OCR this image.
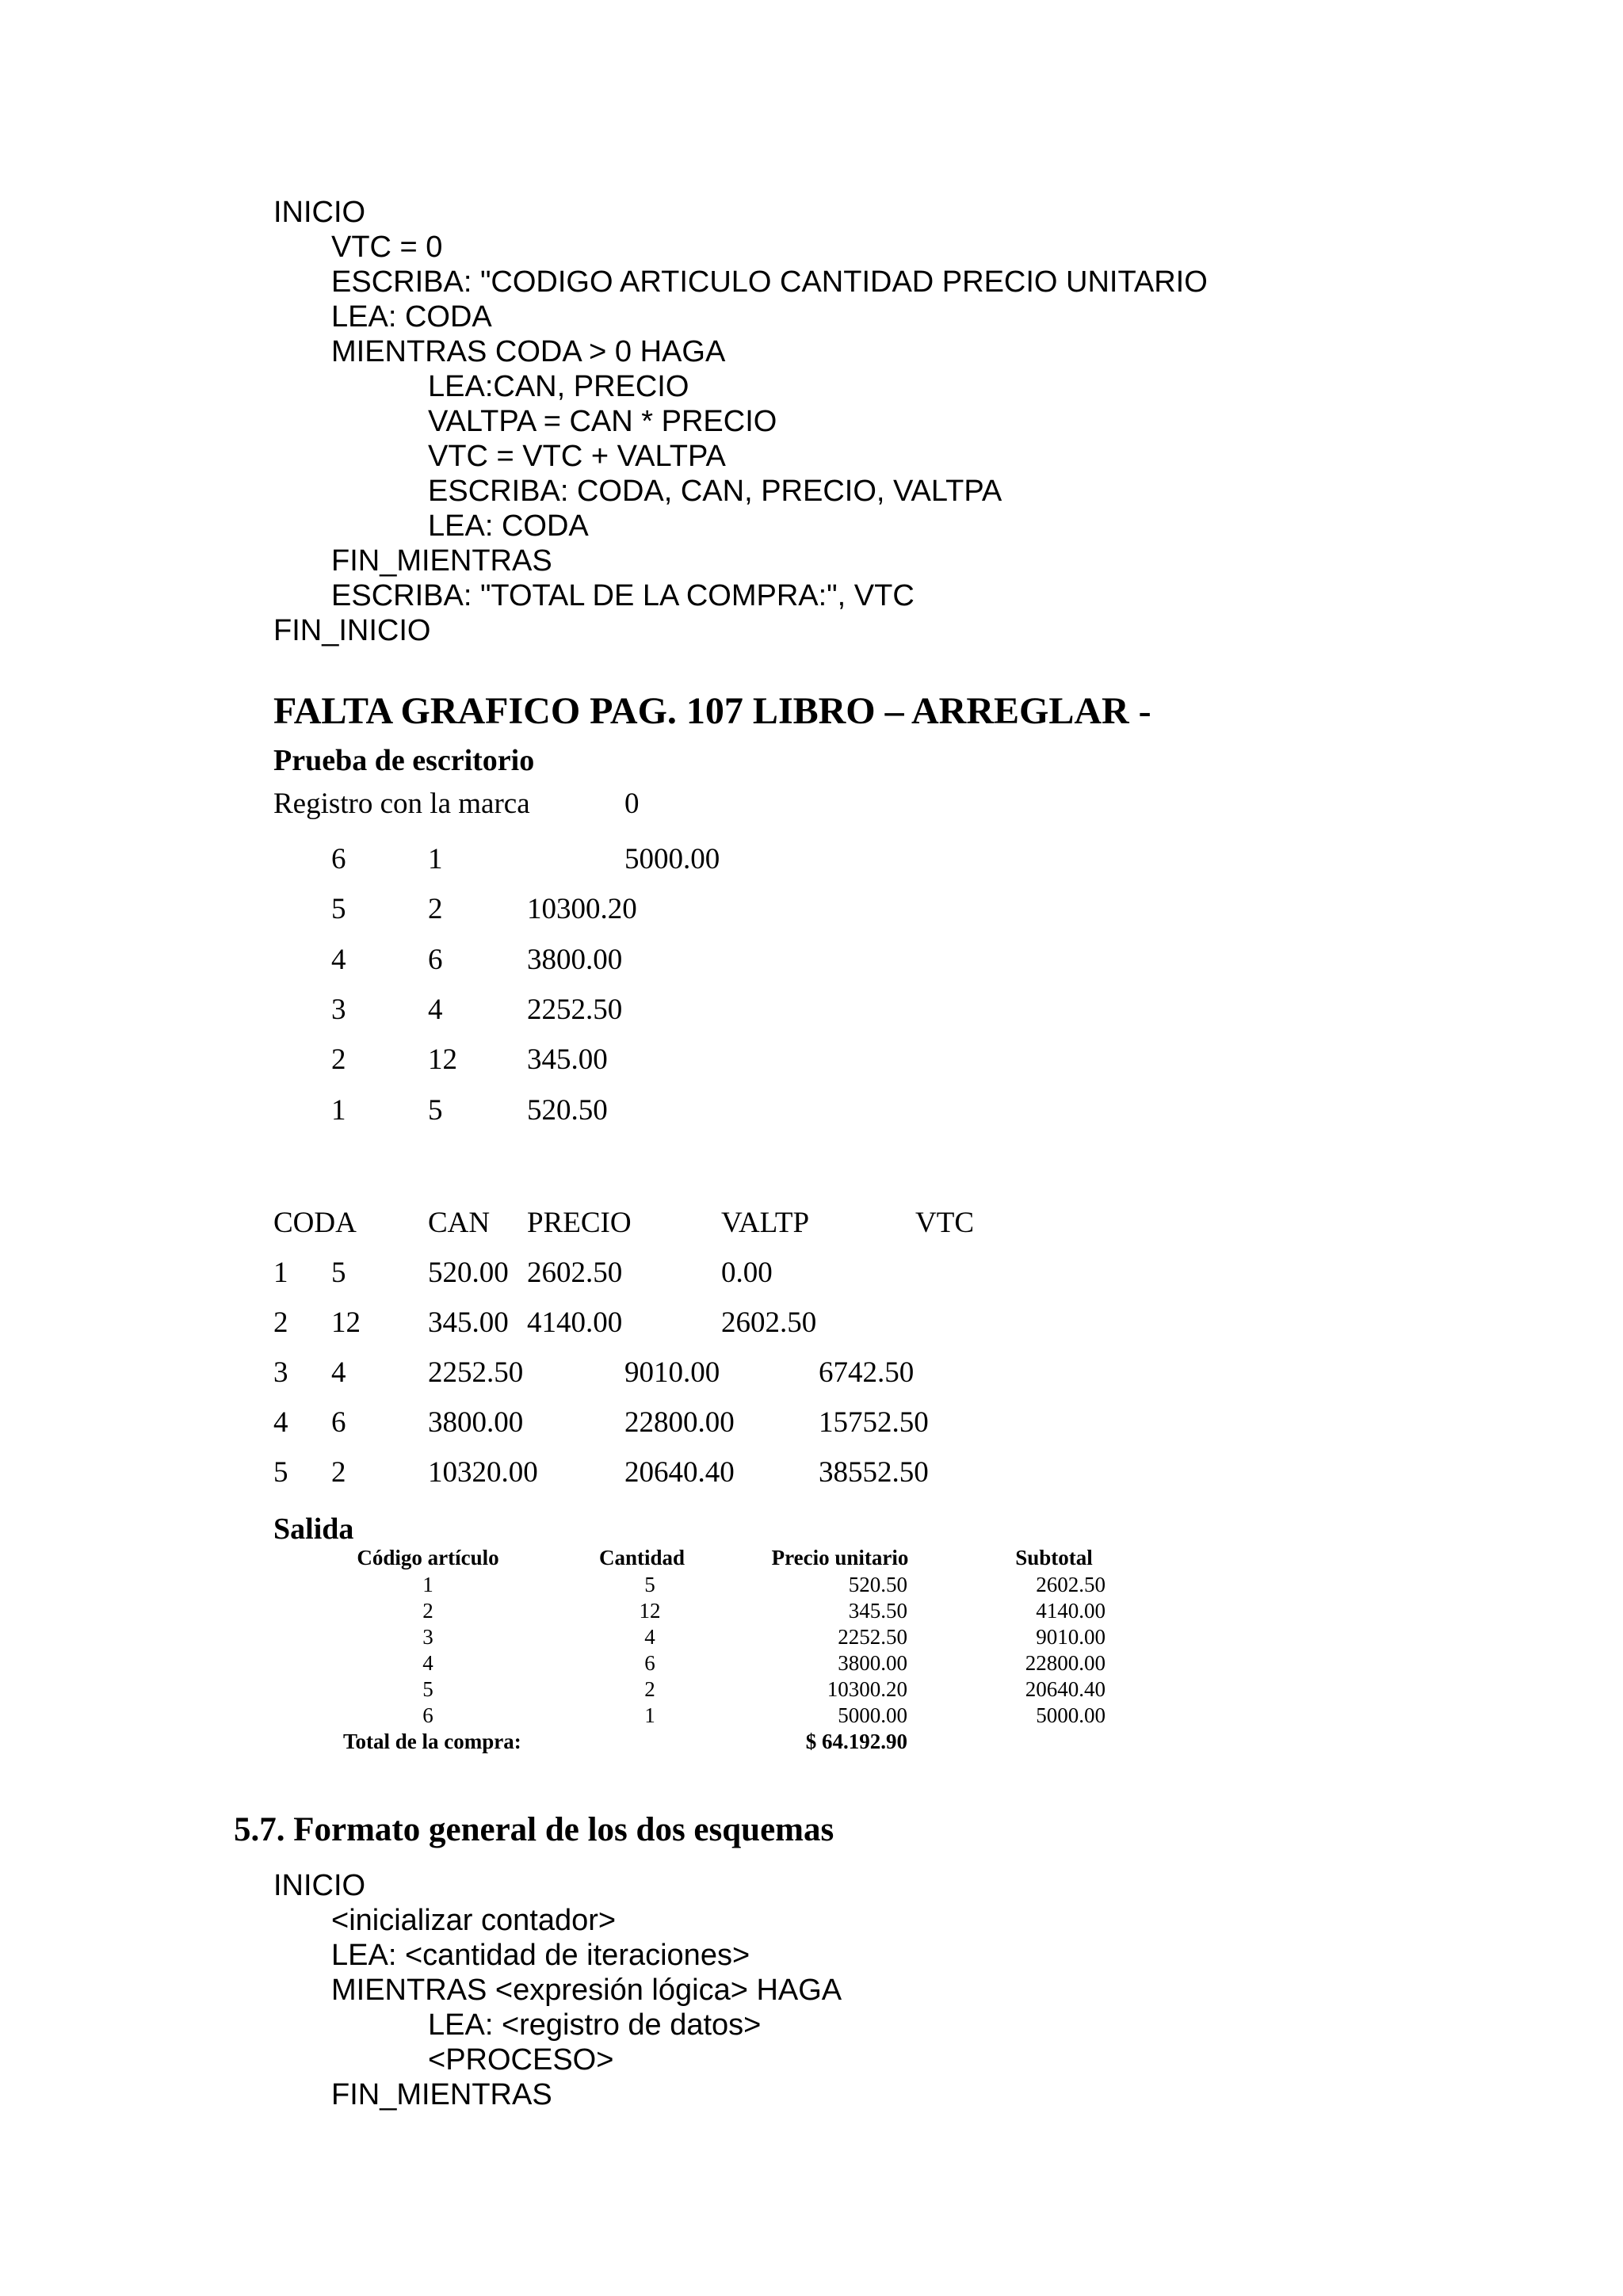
INICIO
VTC = 0
ESCRIBA: "CODIGO ARTICULO CANTIDAD PRECIO UNITARIO
LEA: CODA
MIENTRAS CODA > 0 HAGA
LEA:CAN, PRECIO
VALTPA = CAN * PRECIO
VTC = VTC + VALTPA
ESCRIBA: CODA, CAN, PRECIO, VALTPA
LEA: CODA
FIN_MIENTRAS
ESCRIBA: "TOTAL DE LA COMPRA:", VTC
FIN_INICIO
FALTA GRAFICO PAG. 107 LIBRO – ARREGLAR -
Prueba de escritorio
Registro con la marca	0
6	1	5000.00
5	2	10300.20
4	6	3800.00
3	4	2252.50
2	12 345.00
1	5	520.50
CODA CAN PRECIO	VALTP	VTC
1 5	520.00 2602.50	0.00
2 12 345.00 4140.00	2602.50
3 4	2252.50	9010.00	6742.50
4 6	3800.00	22800.00	15752.50
5 2	10320.00	20640.40	38552.50
Salida
Código artículo	Cantidad	Precio unitario	Subtotal
1	5	520.50	2602.50
2	12	345.50	4140.00
3	4	2252.50	9010.00
4	6	3800.00	22800.00
5	2	10300.20	20640.40
6	1	5000.00	5000.00
Total de la compra:	$ 64.192.90
5.7. Formato general de los dos esquemas
INICIO
<inicializar contador>
LEA: <cantidad de iteraciones>
MIENTRAS <expresión lógica> HAGA
LEA: <registro de datos>
<PROCESO>
FIN_MIENTRAS
